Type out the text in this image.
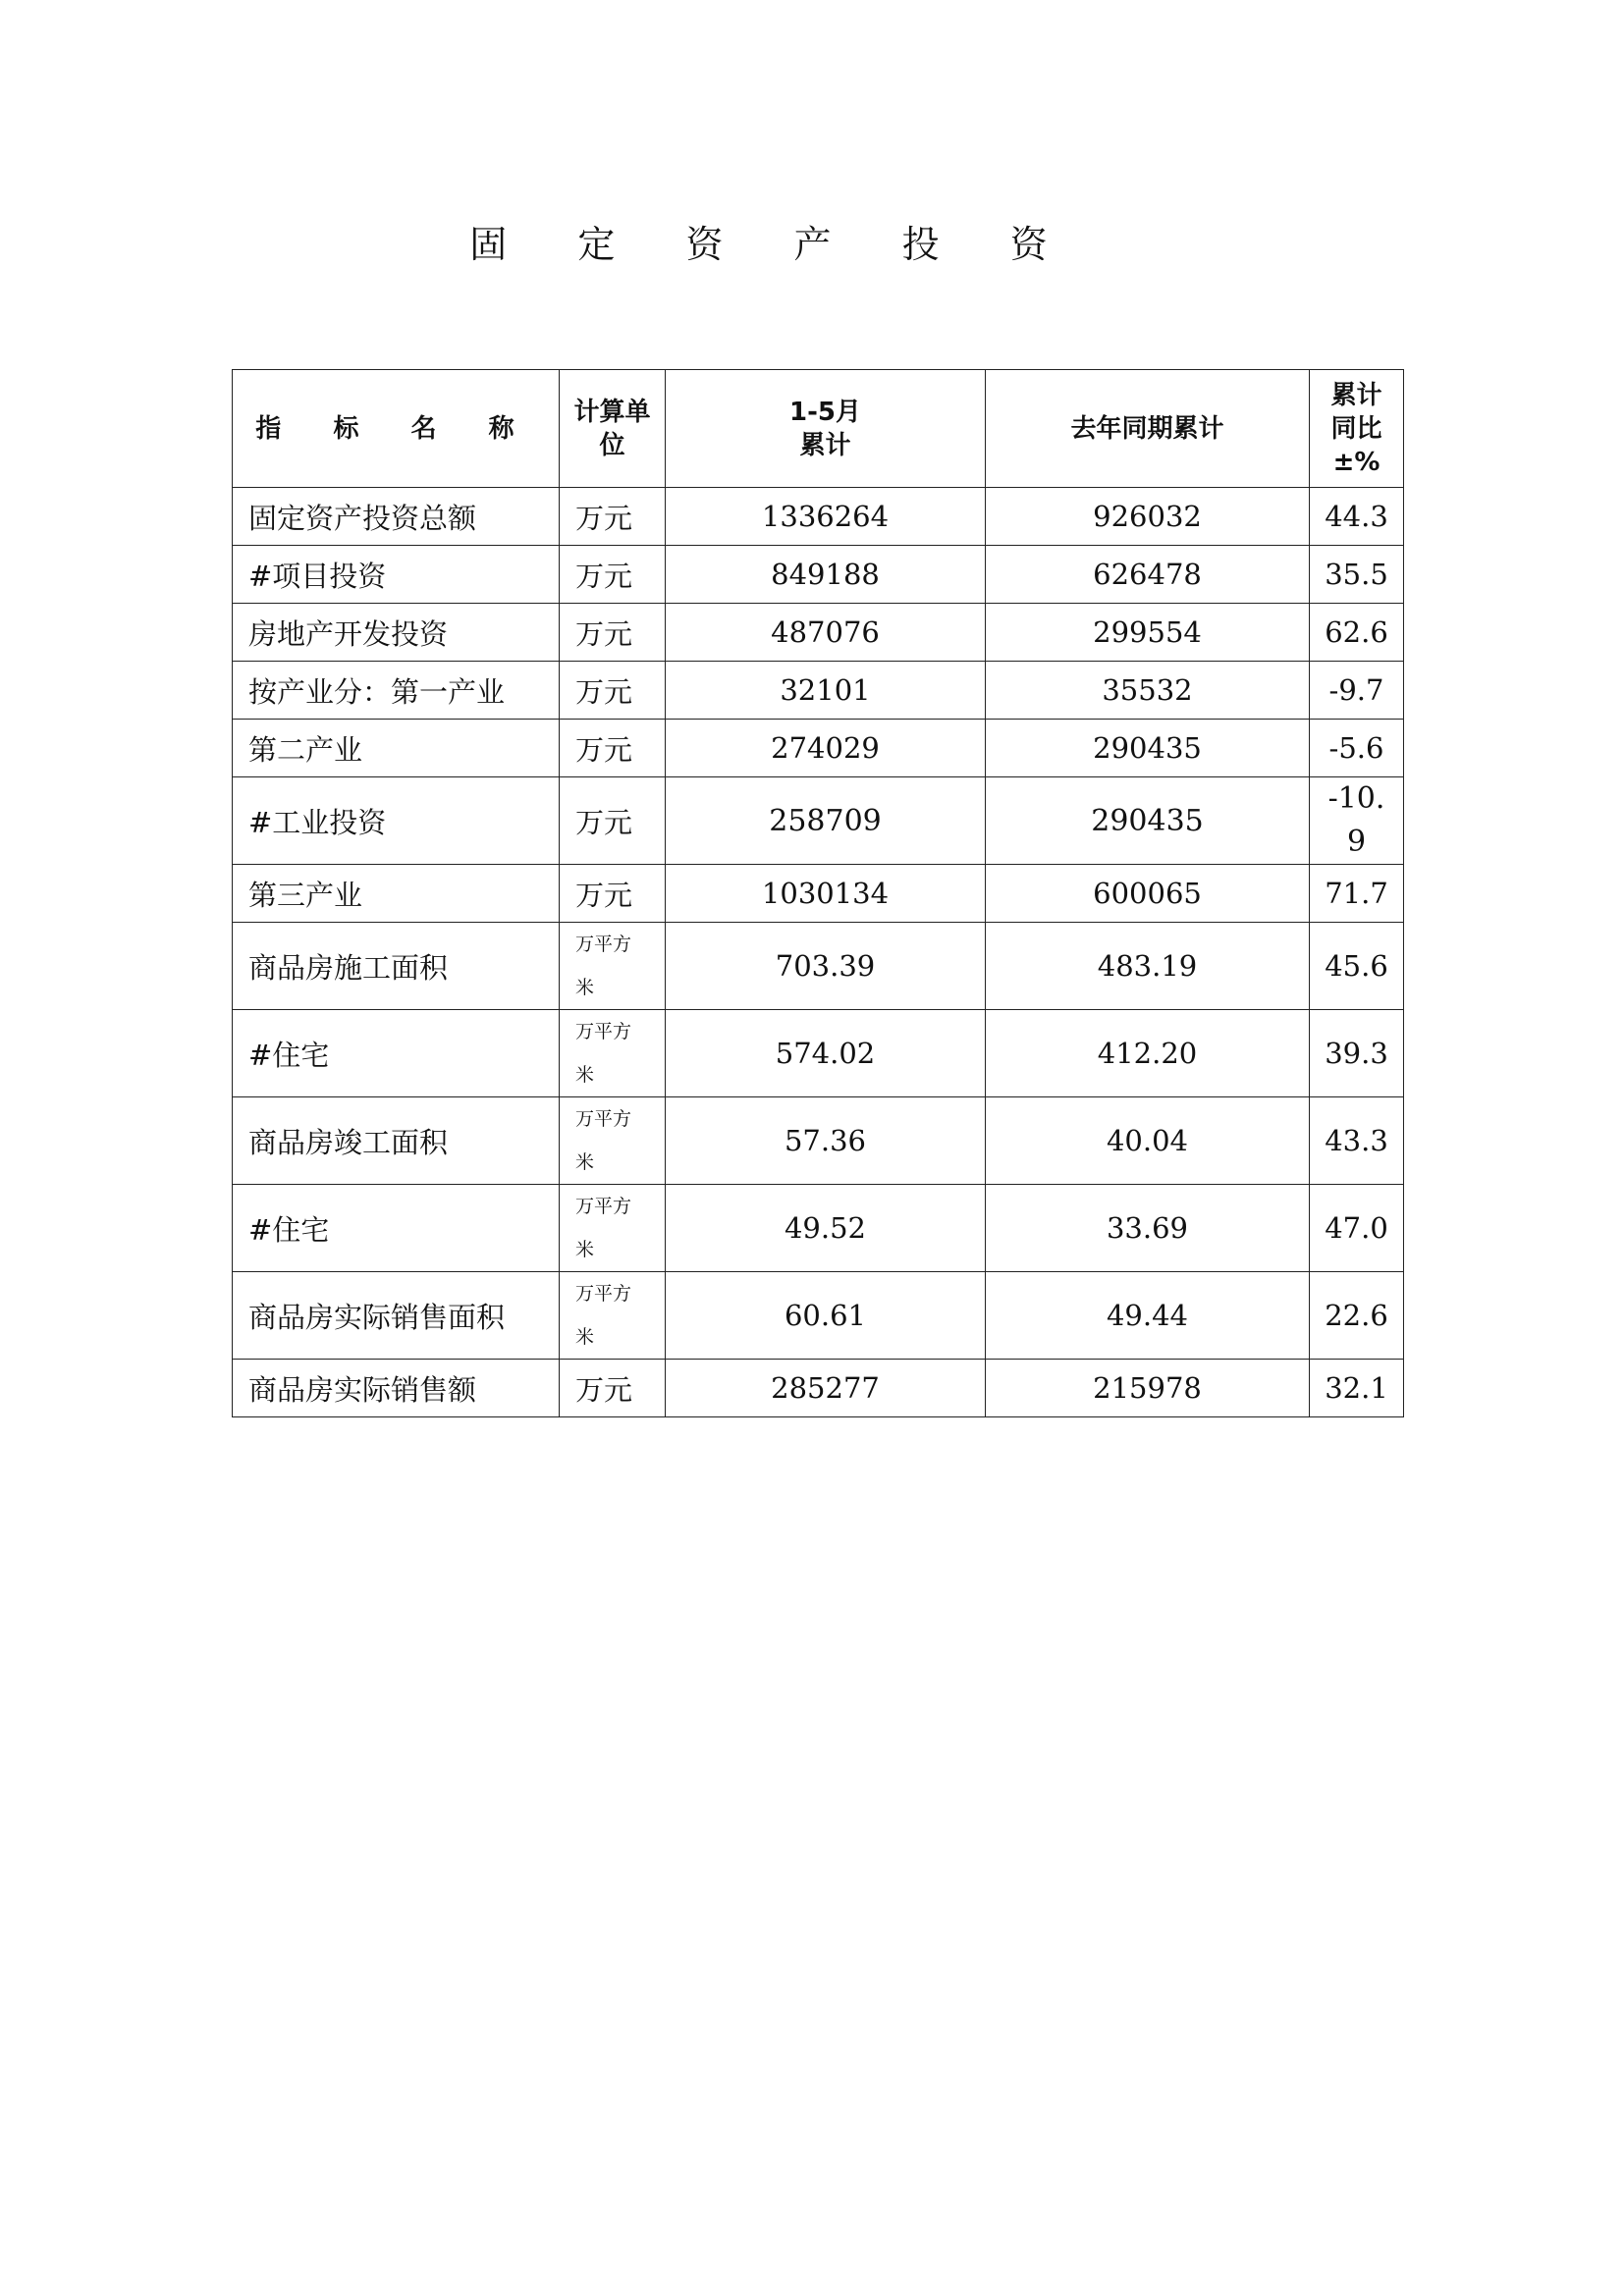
固 定 资 产 投 资
指 标 名 称	计算单位	1-5月累计	去年同期累计	累计同比±%

固定资产投资总额	万元	1336264	926032	44.3
#项目投资	万元	849188	626478	35.5
房地产开发投资	万元	487076	299554	62.6
按产业分：第一产业	万元	32101	35532	-9.7
第二产业	万元	274029	290435	-5.6
#工业投资	万元	258709	290435	-10.9

第三产业	万元	1030134	600065	71.7
商品房施工面积	万平方米	703.39	483.19	45.6
#住宅	万平方米	574.02	412.20	39.3
商品房竣工面积	万平方米	57.36	40.04	43.3
#住宅	万平方米	49.52	33.69	47.0
商品房实际销售面积	万平方米	60.61	49.44	22.6
商品房实际销售额	万元	285277	215978	32.1
